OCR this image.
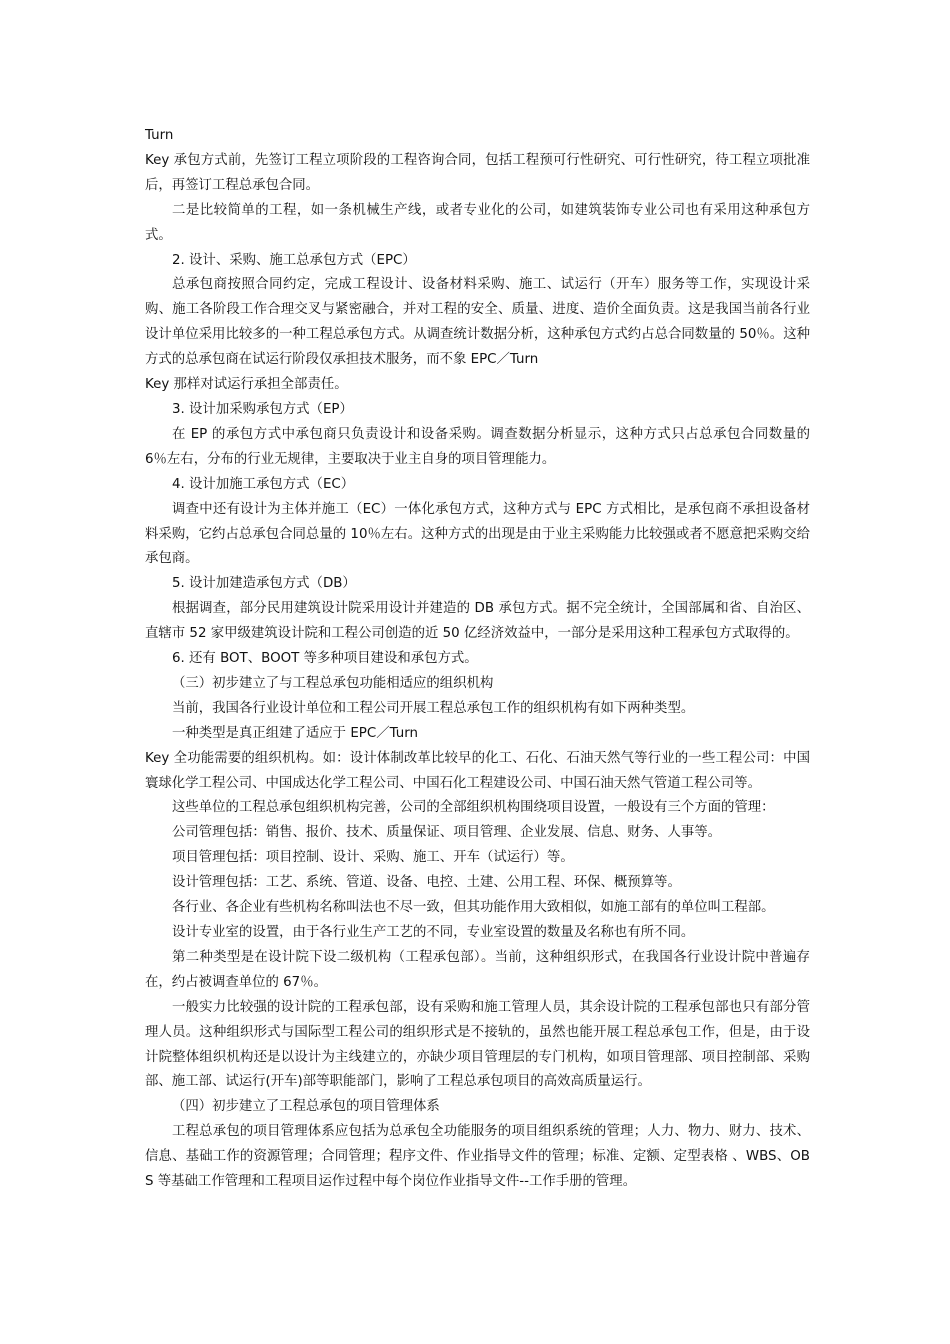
Turn

Key 承包方式前，先签订工程立项阶段的工程咨询合同，包括工程预可行性研究、可行性研究，待工程立项批准后，再签订工程总承包合同。

二是比较简单的工程，如一条机械生产线，或者专业化的公司，如建筑装饰专业公司也有采用这种承包方式。

2. 设计、采购、施工总承包方式（EPC）

总承包商按照合同约定，完成工程设计、设备材料采购、施工、试运行（开车）服务等工作，实现设计采购、施工各阶段工作合理交叉与紧密融合，并对工程的安全、质量、进度、造价全面负责。这是我国当前各行业设计单位采用比较多的一种工程总承包方式。从调查统计数据分析，这种承包方式约占总合同数量的 50％。这种方式的总承包商在试运行阶段仅承担技术服务，而不象 EPC／Turn

Key 那样对试运行承担全部责任。

3. 设计加采购承包方式（EP）

在 EP 的承包方式中承包商只负责设计和设备采购。调查数据分析显示，这种方式只占总承包合同数量的 6％左右，分布的行业无规律，主要取决于业主自身的项目管理能力。

4. 设计加施工承包方式（EC）

调查中还有设计为主体并施工（EC）一体化承包方式，这种方式与 EPC 方式相比，是承包商不承担设备材料采购，它约占总承包合同总量的 10％左右。这种方式的出现是由于业主采购能力比较强或者不愿意把采购交给承包商。

5. 设计加建造承包方式（DB）

根据调查，部分民用建筑设计院采用设计并建造的 DB 承包方式。据不完全统计，全国部属和省、自治区、直辖市 52 家甲级建筑设计院和工程公司创造的近 50 亿经济效益中，一部分是采用这种工程承包方式取得的。

6. 还有 BOT、BOOT 等多种项目建设和承包方式。

（三）初步建立了与工程总承包功能相适应的组织机构

当前，我国各行业设计单位和工程公司开展工程总承包工作的组织机构有如下两种类型。

一种类型是真正组建了适应于 EPC／Turn

Key 全功能需要的组织机构。如：设计体制改革比较早的化工、石化、石油天然气等行业的一些工程公司：中国寰球化学工程公司、中国成达化学工程公司、中国石化工程建设公司、中国石油天然气管道工程公司等。

这些单位的工程总承包组织机构完善，公司的全部组织机构围绕项目设置，一般设有三个方面的管理：

公司管理包括：销售、报价、技术、质量保证、项目管理、企业发展、信息、财务、人事等。

项目管理包括：项目控制、设计、采购、施工、开车（试运行）等。

设计管理包括：工艺、系统、管道、设备、电控、土建、公用工程、环保、概预算等。

各行业、各企业有些机构名称叫法也不尽一致，但其功能作用大致相似，如施工部有的单位叫工程部。

设计专业室的设置，由于各行业生产工艺的不同，专业室设置的数量及名称也有所不同。

第二种类型是在设计院下设二级机构（工程承包部）。当前，这种组织形式，在我国各行业设计院中普遍存在，约占被调查单位的 67％。

一般实力比较强的设计院的工程承包部，设有采购和施工管理人员，其余设计院的工程承包部也只有部分管理人员。这种组织形式与国际型工程公司的组织形式是不接轨的，虽然也能开展工程总承包工作，但是，由于设计院整体组织机构还是以设计为主线建立的，亦缺少项目管理层的专门机构，如项目管理部、项目控制部、采购部、施工部、试运行(开车)部等职能部门，影响了工程总承包项目的高效高质量运行。

（四）初步建立了工程总承包的项目管理体系

工程总承包的项目管理体系应包括为总承包全功能服务的项目组织系统的管理；人力、物力、财力、技术、信息、基础工作的资源管理；合同管理；程序文件、作业指导文件的管理；标准、定额、定型表格 、WBS、OBS 等基础工作管理和工程项目运作过程中每个岗位作业指导文件--工作手册的管理。
